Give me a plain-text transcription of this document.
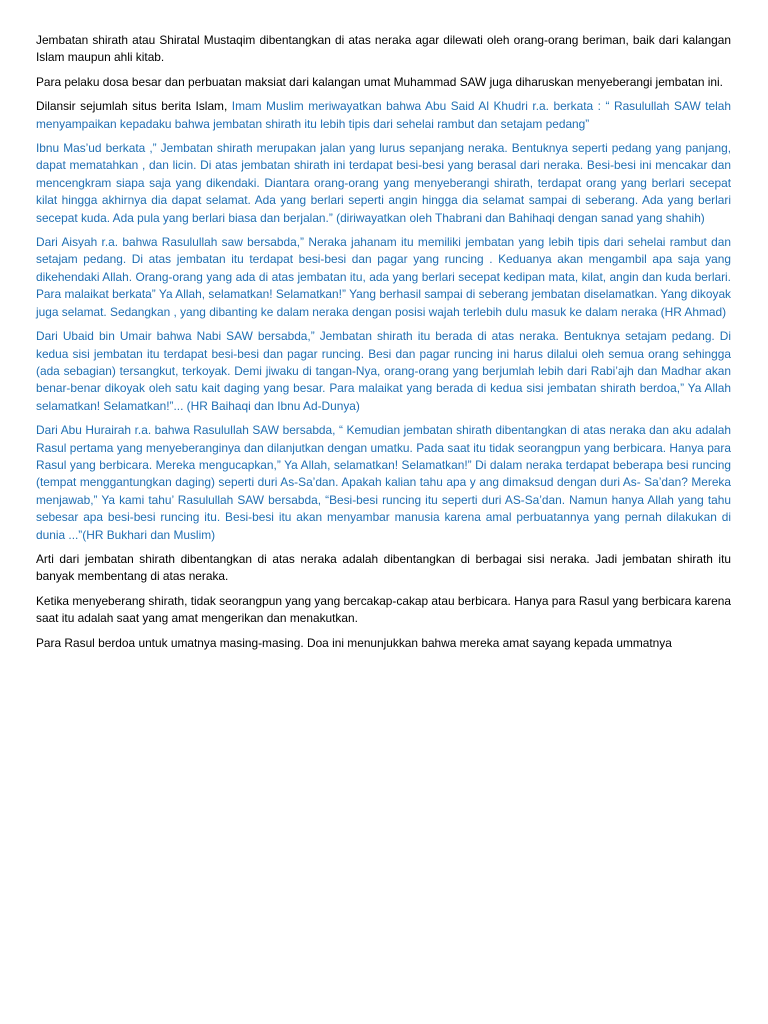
Jembatan shirath atau Shiratal Mustaqim dibentangkan di atas neraka agar dilewati oleh orang-orang beriman, baik dari kalangan Islam maupun ahli kitab.

Para pelaku dosa besar dan perbuatan maksiat dari kalangan umat Muhammad SAW juga diharuskan menyeberangi jembatan ini.

Dilansir sejumlah situs berita Islam, Imam Muslim meriwayatkan bahwa Abu Said Al Khudri r.a. berkata : “ Rasulullah SAW telah menyampaikan kepadaku bahwa jembatan shirath itu lebih tipis dari sehelai rambut dan setajam pedang”

Ibnu Mas’ud berkata ,” Jembatan shirath merupakan jalan yang lurus sepanjang neraka. Bentuknya seperti pedang yang panjang, dapat mematahkan , dan licin. Di atas jembatan shirath ini terdapat besi-besi yang berasal dari neraka. Besi-besi ini mencakar dan mencengkram siapa saja yang dikendaki. Diantara orang-orang yang menyeberangi shirath, terdapat orang yang berlari secepat kilat hingga akhirnya dia dapat selamat. Ada yang berlari seperti angin hingga dia selamat sampai di seberang. Ada yang berlari secepat kuda. Ada pula yang berlari biasa dan berjalan.” (diriwayatkan oleh Thabrani dan Bahihaqi dengan sanad yang shahih)

Dari Aisyah r.a. bahwa Rasulullah saw bersabda,” Neraka jahanam itu memiliki jembatan yang lebih tipis dari sehelai rambut dan setajam pedang. Di atas jembatan itu terdapat besi-besi dan pagar yang runcing . Keduanya akan mengambil apa saja yang dikehendaki Allah. Orang-orang yang ada di atas jembatan itu, ada yang berlari secepat kedipan mata, kilat, angin dan kuda berlari. Para malaikat berkata” Ya Allah, selamatkan! Selamatkan!” Yang berhasil sampai di seberang jembatan diselamatkan. Yang dikoyak juga selamat. Sedangkan , yang dibanting ke dalam neraka dengan posisi wajah terlebih dulu masuk ke dalam neraka (HR Ahmad)

Dari Ubaid bin Umair bahwa Nabi SAW bersabda,” Jembatan shirath itu berada di atas neraka. Bentuknya setajam pedang. Di kedua sisi jembatan itu terdapat besi-besi dan pagar runcing. Besi dan pagar runcing ini harus dilalui oleh semua orang sehingga (ada sebagian) tersangkut, terkoyak. Demi jiwaku di tangan-Nya, orang-orang yang berjumlah lebih dari Rabi’ajh dan Madhar akan benar-benar dikoyak oleh satu kait daging yang besar. Para malaikat yang berada di kedua sisi jembatan shirath berdoa,” Ya Allah selamatkan! Selamatkan!”... (HR Baihaqi dan Ibnu Ad-Dunya)

Dari Abu Hurairah r.a. bahwa Rasulullah SAW bersabda, “ Kemudian jembatan shirath dibentangkan di atas neraka dan aku adalah Rasul pertama yang menyeberanginya dan dilanjutkan dengan umatku. Pada saat itu tidak seorangpun yang berbicara. Hanya para Rasul yang berbicara. Mereka mengucapkan,” Ya Allah, selamatkan! Selamatkan!” Di dalam neraka terdapat beberapa besi runcing (tempat menggantungkan daging) seperti duri As-Sa’dan. Apakah kalian tahu apa y ang dimaksud dengan duri As- Sa’dan? Mereka menjawab,” Ya kami tahu’ Rasulullah SAW bersabda, “Besi-besi runcing itu seperti duri AS-Sa’dan. Namun hanya Allah yang tahu sebesar apa besi-besi runcing itu. Besi-besi itu akan menyambar manusia karena amal perbuatannya yang pernah dilakukan di dunia ...”(HR Bukhari dan Muslim)

Arti dari jembatan shirath dibentangkan di atas neraka adalah dibentangkan di berbagai sisi neraka. Jadi jembatan shirath itu banyak membentang di atas neraka.

Ketika menyeberang shirath, tidak seorangpun yang yang bercakap-cakap atau berbicara. Hanya para Rasul yang berbicara karena saat itu adalah saat yang amat mengerikan dan menakutkan.

Para Rasul berdoa untuk umatnya masing-masing. Doa ini menunjukkan bahwa mereka amat sayang kepada ummatnya
